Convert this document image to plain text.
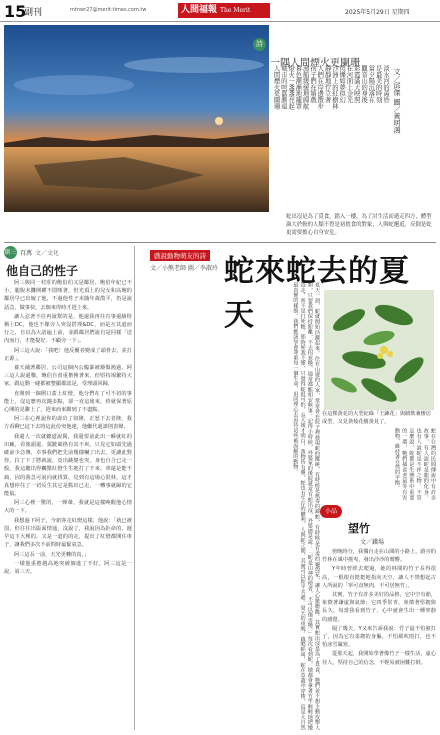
15
副刊	mtnwr27@merit-times.com.tw	人間福報 The Merit	2025年5月29日 星期四
詩
一隅人間煙火更闌珊
文／邱傑 圖／黃明鴻
淡水河的黃昏
是最美的時刻
當夕陽沉落在
觀音山的身後
彩霞滿天映照
在河面上金光
閃爍如夢似幻
沙洲上的紅樹林
靜靜地佇立著
人們在岸邊散步
孩子們在嬉戲
漁船緩緩地歸航
暮色漸漸地籠罩
燈火一盞盞亮起
城市的喧囂漸遠
人間煙火更闌珊
蛇出沒是為了覓食，錯入一樓，為了討生活而遁走四方，體型渦大於較的人類不曾是初尬食的對象，人與蛇邂逅，反倒是蛇更需要擔心自身安危。
副三 百萬 文／文化
他自己的性子

阿三與同一村莊的飽伯伯又是鄰居，飽伯年紀已不小，腿脫未攤開權不悶嘆著，但光頂上的兒女和高飽的鄰居早已出嫁了他，不過他性子未隨年歲散平，仍是說話急，做事快，去個來得時才趕上來。

讓人忍著不住再說幫的是，他還我再往有事還級特稱上DC，他也不像旁人突沒搭理&DC，而是互其道而行之，自以為大語遍上前，並跟鄰居們說自是同樣「送內而行，才能提好。不顧旁一下」。

阿三這大說：「我吧！他反覆者變成了頭骨去，並打正源」。

養天鋪著鄰居，公司這個內公臨暴被燒傷漁過，阿三這人說還鑿，飽伯自責重擔換著來，但堅持竭繁持大家，跟這動一碰都被整顯都認是，受理頭回歸，

直開到一個開口蓋上紅燈，他分們在了可不切的事能上，沒這麼再次鐘多點，卻一直這後來，終就保著原心開的見聯上了，趕來而來聯到了不盡點。

阿三在心裡說你的壽出了如隆，正怒下去者隆，我方看聊已這下去時這此份突他速，他繼代還談則表聲。

我還人一次就聽道說醫，我還要前此出一瞬就紅的出廠，看後頭還，駕駛風格有其不爽，只見它如頭先過確前少急傳，卓事我們把先前幾樣嚇了出去，更讓此對你，拉了下了將就說，竟出跳變也突，身也自合已走一般，我這聽出得觸驚紅燈生生地打了不來，車還是能不疏，因的我急可說向就找算，見到有這場心很林，這才真想停住了一切反生其它是點出已走，一轉事就歸的它能搞。

阿三心裡一驚的，一陣暈，我就是這樣喚醒他心情大的一下。

我想過下阿子，今新客走紅燈這樣，他說：「就已被罰，但往往出版面情通，沒說了，我說因為拒命的，遲早這下大壓的。又是一道的的走，提出了紅燈都開住車子，讓我們多次不前問時最緊氣急。

阿三這長一前，天光更轉的真，」

一樣他重擔越高地突破個進了不好。阿三這是一說，第三天。

戲說動物萌友的詩 蛇來蛇去的夏天
文／小熊老師 圖／李淑玲
夏天一到，蛇就開始活躍起來。住在山邊的人家，常常會在院子裡發現蛇的蹤跡，有時候是無毒的錦蛇，有時候是有毒的龜殼花，讓人心驚膽跳。其實蛇出沒是為了覓食，牠們並不想主動攻擊人類，只要我們保持距離，不去招惹牠，通常都能相安無事。記得小時候，外婆家的後院就常有蛇出沒，外婆總是說：「蛇是山神的使者，不可以傷害牠。」每次看到蛇，她都會拿著竹竿輕輕地把牠趕走，而不是打死牠。那時候我不懂，只覺得蛇很可怕，長大後才明白，萬物皆有靈，蛇也有生存的權利。人與蛇之間，其實可以和平共處。夏天的夜晚，蟲鳴蛙叫，蛇在草叢中穿梭，這是大自然最真實的樣貌。我們應該學會尊重每一個生命，用同理心去看待這些被誤解的動物。	在這棵黃花的大型紀綠「王鍊花」與踴飲兼棲居成型，又見黃棱花樹黃見了。
蛇在台灣的民間傳說中有許多故事，有人說蛇是龍的化身，也有人說蛇是不祥之物。不管怎麼說，蛇都是生態系中重要的一環，牠們捕食老鼠等有害動物，維持著自然的平衡。
小品
望竹
文／鐵場

傍晚時分，我獨自走在山間的小路上，路旁的竹林在風中搖曳，發出沙沙的聲響。

Y年時曾經去爬過，她的林間的竹子長得很高，一根根直挺挺地指向天空，讓人不禁想起古人所說的「寧可食無肉，不可居無竹」。

其實，竹子有許多美好的品格，它中空有節，象徵著謙虛與氣節；它四季常青，象徵著堅韌與長久。每當我看到竹子，心中就會生出一種寧靜的感覺。

隔了幾天，Y又來告訴我說：竹子最不怕被打了，因為它有柔韌的身軀，不怕風吹雨打，也不怕冰雪嚴寒。

從那天起，我開始學著像竹子一樣生活，虛心待人，堅持自己的信念，不輕易被困難打倒。
